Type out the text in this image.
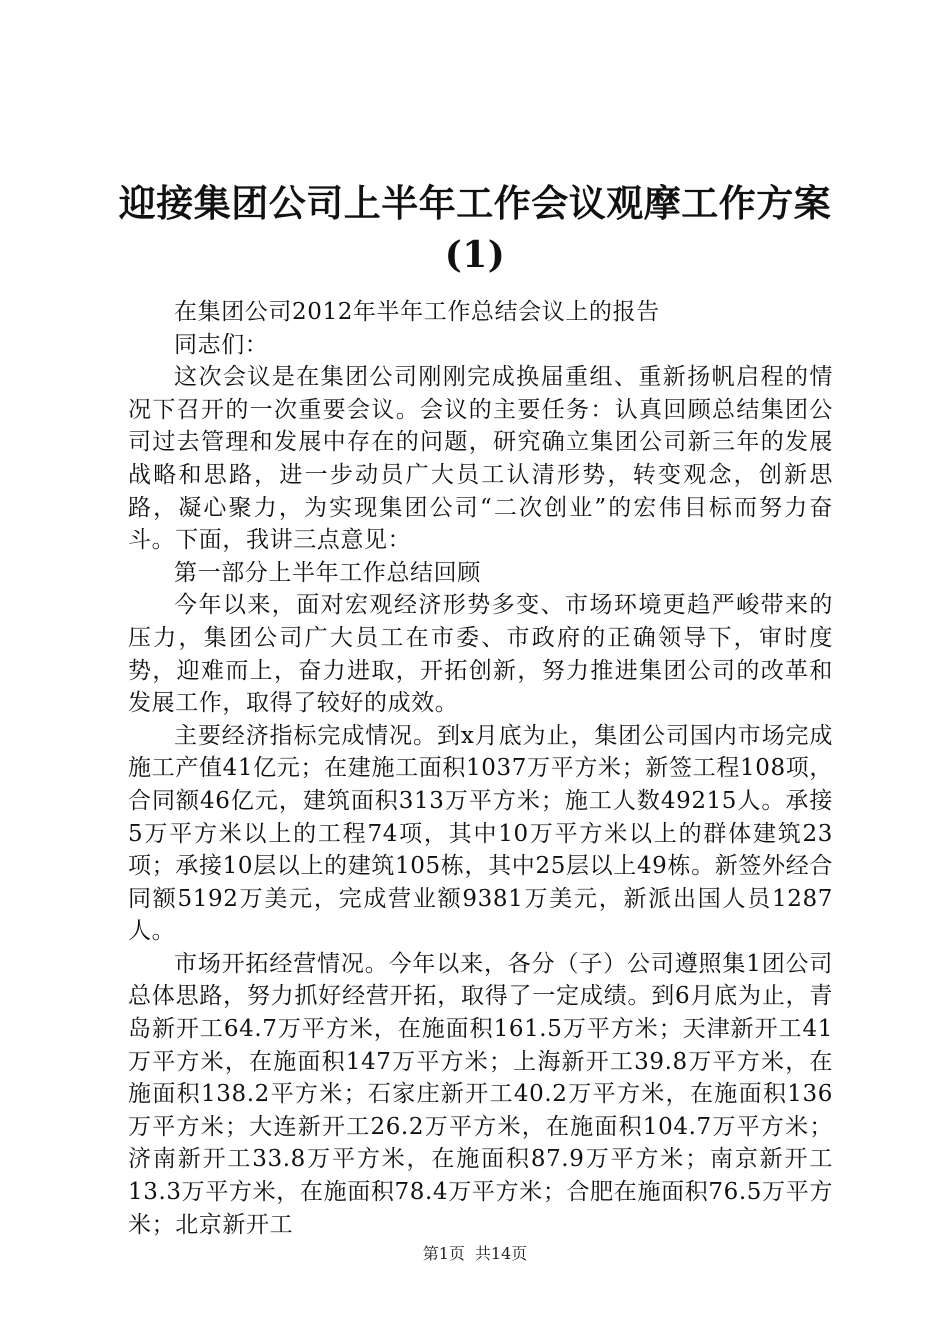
迎接集团公司上半年工作会议观摩工作方案
(1)

在集团公司2012年半年工作总结会议上的报告

同志们：

这次会议是在集团公司刚刚完成换届重组、重新扬帆启程的情况下召开的一次重要会议。会议的主要任务：认真回顾总结集团公司过去管理和发展中存在的问题，研究确立集团公司新三年的发展战略和思路，进一步动员广大员工认清形势，转变观念，创新思路，凝心聚力，为实现集团公司“二次创业”的宏伟目标而努力奋斗。下面，我讲三点意见：

第一部分上半年工作总结回顾

今年以来，面对宏观经济形势多变、市场环境更趋严峻带来的压力，集团公司广大员工在市委、市政府的正确领导下，审时度势，迎难而上，奋力进取，开拓创新，努力推进集团公司的改革和发展工作，取得了较好的成效。

主要经济指标完成情况。到x月底为止，集团公司国内市场完成施工产值41亿元；在建施工面积1037万平方米；新签工程108项，合同额46亿元，建筑面积313万平方米；施工人数49215人。承接5万平方米以上的工程74项，其中10万平方米以上的群体建筑23项；承接10层以上的建筑105栋，其中25层以上49栋。新签外经合同额5192万美元，完成营业额9381万美元，新派出国人员1287人。

市场开拓经营情况。今年以来，各分（子）公司遵照集1团公司总体思路，努力抓好经营开拓，取得了一定成绩。到6月底为止，青岛新开工64.7万平方米，在施面积161.5万平方米；天津新开工41万平方米，在施面积147万平方米；上海新开工39.8万平方米，在施面积138.2平方米；石家庄新开工40.2万平方米，在施面积136万平方米；大连新开工26.2万平方米，在施面积104.7万平方米；济南新开工33.8万平方米，在施面积87.9万平方米；南京新开工13.3万平方米，在施面积78.4万平方米；合肥在施面积76.5万平方米；北京新开工

第1页 共14页
